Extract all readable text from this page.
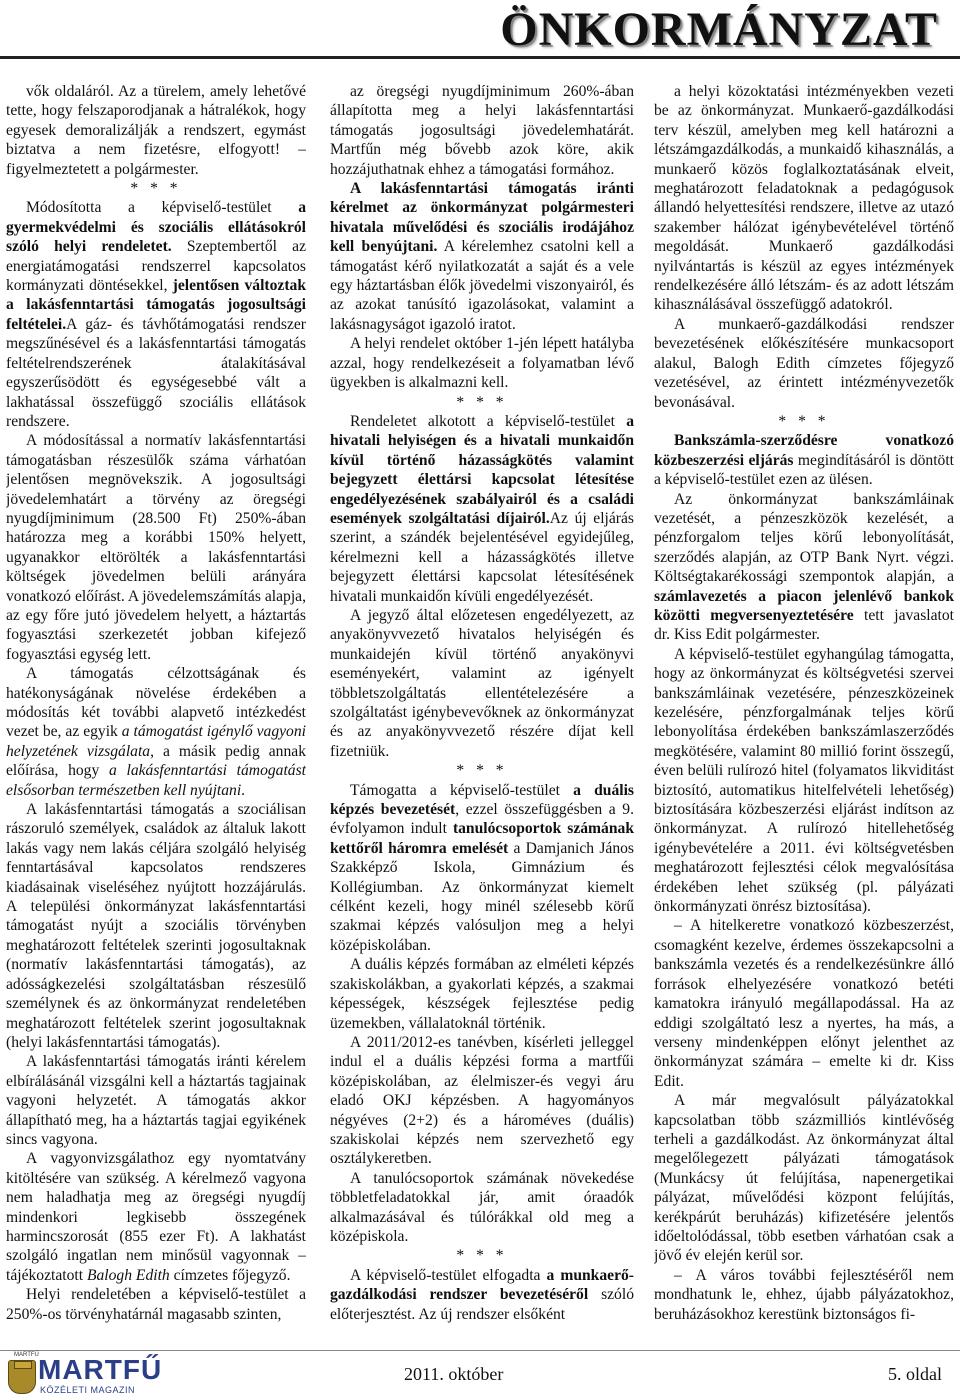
ÖNKORMÁNYZAT

vők oldaláról. Az a türelem, amely lehetővé tette, hogy felszaporodjanak a hátralékok, hogy egyesek demoralizálják a rendszert, egymást biztatva a nem fizetésre, elfogyott! – figyelmeztetett a polgármester.

* * *

Módosította a képviselő-testület a gyermekvédelmi és szociális ellátásokról szóló helyi rendeletet. Szeptembertől az energiatámogatási rendszerrel kapcsolatos kormányzati döntésekkel, jelentősen változtak a lakásfenntartási támogatás jogosultsági feltételei.A gáz- és távhőtámogatási rendszer megszűnésével és a lakásfenntartási támogatás feltételrendszerének átalakításával egyszerűsödött és egységesebbé vált a lakhatással összefüggő szociális ellátások rendszere.

A módosítással a normatív lakásfenntartási támogatásban részesülők száma várhatóan jelentősen megnövekszik. A jogosultsági jövedelemhatárt a törvény az öregségi nyugdíjminimum (28.500 Ft) 250%-ában határozza meg a korábbi 150% helyett, ugyanakkor eltörölték a lakásfenntartási költségek jövedelmen belüli arányára vonatkozó előírást. A jövedelemszámítás alapja, az egy főre jutó jövedelem helyett, a háztartás fogyasztási szerkezetét jobban kifejező fogyasztási egység lett.

A támogatás célzottságának és hatékonyságának növelése érdekében a módosítás két további alapvető intézkedést vezet be, az egyik a támogatást igénylő vagyoni helyzetének vizsgálata, a másik pedig annak előírása, hogy a lakásfenntartási támogatást elsősorban természetben kell nyújtani.

A lakásfenntartási támogatás a szociálisan rászoruló személyek, családok az általuk lakott lakás vagy nem lakás céljára szolgáló helyiség fenntartásával kapcsolatos rendszeres kiadásainak viseléséhez nyújtott hozzájárulás. A települési önkormányzat lakásfenntartási támogatást nyújt a szociális törvényben meghatározott feltételek szerinti jogosultaknak (normatív lakásfenntartási támogatás), az adósságkezelési szolgáltatásban részesülő személynek és az önkormányzat rendeletében meghatározott feltételek szerint jogosultaknak (helyi lakásfenntartási támogatás).

A lakásfenntartási támogatás iránti kérelem elbírálásánál vizsgálni kell a háztartás tagjainak vagyoni helyzetét. A támogatás akkor állapítható meg, ha a háztartás tagjai egyikének sincs vagyona.

A vagyonvizsgálathoz egy nyomtatvány kitöltésére van szükség. A kérelmező vagyona nem haladhatja meg az öregségi nyugdíj mindenkori legkisebb összegének harmincszorosát (855 ezer Ft). A lakhatást szolgáló ingatlan nem minősül vagyonnak – tájékoztatott Balogh Edith címzetes főjegyző.

Helyi rendeletében a képviselő-testület a 250%-os törvényhatárnál magasabb szinten,

az öregségi nyugdíjminimum 260%-ában állapította meg a helyi lakásfenntartási támogatás jogosultsági jövedelemhatárát. Martfűn még bővebb azok köre, akik hozzájuthatnak ehhez a támogatási formához.

A lakásfenntartási támogatás iránti kérelmet az önkormányzat polgármesteri hivatala művelődési és szociális irodájához kell benyújtani. A kérelemhez csatolni kell a támogatást kérő nyilatkozatát a saját és a vele egy háztartásban élők jövedelmi viszonyairól, és az azokat tanúsító igazolásokat, valamint a lakásnagyságot igazoló iratot.

A helyi rendelet október 1-jén lépett hatályba azzal, hogy rendelkezéseit a folyamatban lévő ügyekben is alkalmazni kell.

* * *

Rendeletet alkotott a képviselő-testület a hivatali helyiségen és a hivatali munkaidőn kívül történő házasságkötés valamint bejegyzett élettársi kapcsolat létesítése engedélyezésének szabályairól és a családi események szolgáltatási díjairól.Az új eljárás szerint, a szándék bejelentésével egyidejűleg, kérelmezni kell a házasságkötés illetve bejegyzett élettársi kapcsolat létesítésének hivatali munkaidőn kívüli engedélyezését.

A jegyző által előzetesen engedélyezett, az anyakönyvvezető hivatalos helyiségén és munkaidején kívül történő anyakönyvi eseményekért, valamint az igényelt többletszolgáltatás ellentételezésére a szolgáltatást igénybevevőknek az önkormányzat és az anyakönyvvezető részére díjat kell fizetniük.

* * *

Támogatta a képviselő-testület a duális képzés bevezetését, ezzel összefüggésben a 9. évfolyamon indult tanulócsoportok számának kettőről háromra emelését a Damjanich János Szakképző Iskola, Gimnázium és Kollégiumban. Az önkormányzat kiemelt célként kezeli, hogy minél szélesebb körű szakmai képzés valósuljon meg a helyi középiskolában.

A duális képzés formában az elméleti képzés szakiskolákban, a gyakorlati képzés, a szakmai képességek, készségek fejlesztése pedig üzemekben, vállalatoknál történik.

A 2011/2012-es tanévben, kísérleti jelleggel indul el a duális képzési forma a martfűi középiskolában, az élelmiszer-és vegyi áru eladó OKJ képzésben. A hagyományos négyéves (2+2) és a hároméves (duális) szakiskolai képzés nem szervezhető egy osztálykeretben.

A tanulócsoportok számának növekedése többletfeladatokkal jár, amit óraadók alkalmazásával és túlórákkal old meg a középiskola.

* * *

A képviselő-testület elfogadta a munkaerő-gazdálkodási rendszer bevezetéséről szóló előterjesztést. Az új rendszer elsőként

a helyi közoktatási intézményekben vezeti be az önkormányzat. Munkaerő-gazdálkodási terv készül, amelyben meg kell határozni a létszámgazdálkodás, a munkaidő kihasználás, a munkaerő közös foglalkoztatásának elveit, meghatározott feladatoknak a pedagógusok állandó helyettesítési rendszere, illetve az utazó szakember hálózat igénybevételével történő megoldását. Munkaerő gazdálkodási nyilvántartás is készül az egyes intézmények rendelkezésére álló létszám- és az adott létszám kihasználásával összefüggő adatokról.

A munkaerő-gazdálkodási rendszer bevezetésének előkészítésére munkacsoport alakul, Balogh Edith címzetes főjegyző vezetésével, az érintett intézményvezetők bevonásával.

* * *

Bankszámla-szerződésre vonatkozó közbeszerzési eljárás megindításáról is döntött a képviselő-testület ezen az ülésen.

Az önkormányzat bankszámláinak vezetését, a pénzeszközök kezelését, a pénzforgalom teljes körű lebonyolítását, szerződés alapján, az OTP Bank Nyrt. végzi. Költségtakarékossági szempontok alapján, a számlavezetés a piacon jelenlévő bankok közötti megversenyeztetésére tett javaslatot dr. Kiss Edit polgármester.

A képviselő-testület egyhangúlag támogatta, hogy az önkormányzat és költségvetési szervei bankszámláinak vezetésére, pénzeszközeinek kezelésére, pénzforgalmának teljes körű lebonyolítása érdekében bankszámlaszerződés megkötésére, valamint 80 millió forint összegű, éven belüli rulírozó hitel (folyamatos likviditást biztosító, automatikus hitelfelvételi lehetőség) biztosítására közbeszerzési eljárást indítson az önkormányzat. A rulírozó hitellehetőség igénybevételére a 2011. évi költségvetésben meghatározott fejlesztési célok megvalósítása érdekében lehet szükség (pl. pályázati önkormányzati önrész biztosítása).

– A hitelkeretre vonatkozó közbeszerzést, csomagként kezelve, érdemes összekapcsolni a bankszámla vezetés és a rendelkezésünkre álló források elhelyezésére vonatkozó betéti kamatokra irányuló megállapodással. Ha az eddigi szolgáltató lesz a nyertes, ha más, a verseny mindenképpen előnyt jelenthet az önkormányzat számára – emelte ki dr. Kiss Edit.

A már megvalósult pályázatokkal kapcsolatban több százmilliós kintlévőség terheli a gazdálkodást. Az önkormányzat által megelőlegezett pályázati támogatások (Munkácsy út felújítása, napenergetikai pályázat, művelődési központ felújítás, kerékpárút beruházás) kifizetésére jelentős időeltolódással, több esetben várhatóan csak a jövő év elején kerül sor.

– A város további fejlesztéséről nem mondhatunk le, ehhez, újabb pályázatokhoz, beruházásokhoz kerestünk biztonságos fi-

MARTFŰ MARTFŰ
KÖZÉLETI MAGAZIN
2011. október	5. oldal
